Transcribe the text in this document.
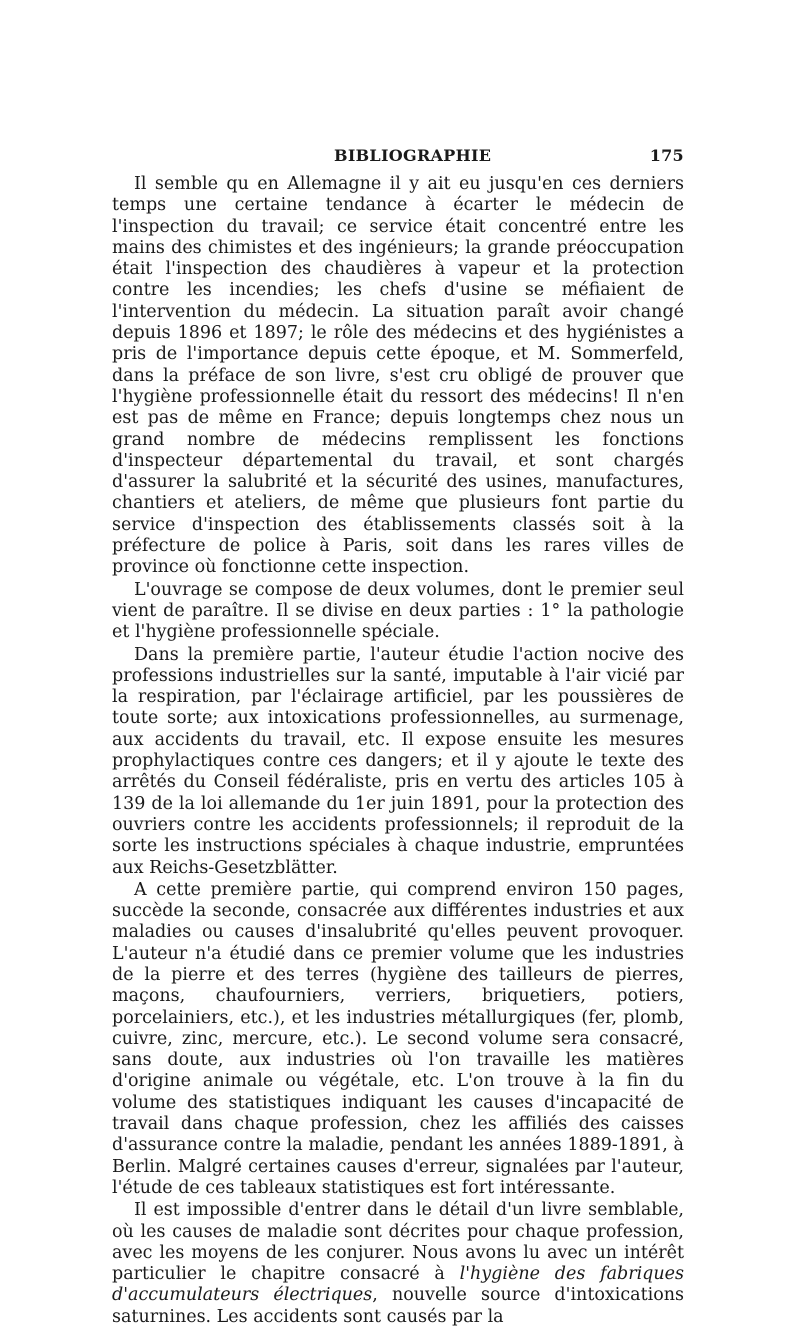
BIBLIOGRAPHIE	175

Il semble qu en Allemagne il y ait eu jusqu'en ces derniers temps une certaine tendance à écarter le médecin de l'inspection du travail; ce service était concentré entre les mains des chimistes et des ingénieurs; la grande préoccupation était l'inspection des chaudières à vapeur et la protection contre les incendies; les chefs d'usine se méfiaient de l'intervention du médecin. La situation paraît avoir changé depuis 1896 et 1897; le rôle des médecins et des hygiénistes a pris de l'importance depuis cette époque, et M. Sommerfeld, dans la préface de son livre, s'est cru obligé de prouver que l'hygiène professionnelle était du ressort des médecins! Il n'en est pas de même en France; depuis longtemps chez nous un grand nombre de médecins remplissent les fonctions d'inspecteur départemental du travail, et sont chargés d'assurer la salubrité et la sécurité des usines, manufactures, chantiers et ateliers, de même que plusieurs font partie du service d'inspection des établissements classés soit à la préfecture de police à Paris, soit dans les rares villes de province où fonctionne cette inspection.

L'ouvrage se compose de deux volumes, dont le premier seul vient de paraître. Il se divise en deux parties : 1° la pathologie et l'hygiène professionnelle spéciale.

Dans la première partie, l'auteur étudie l'action nocive des professions industrielles sur la santé, imputable à l'air vicié par la respiration, par l'éclairage artificiel, par les poussières de toute sorte; aux intoxications professionnelles, au surmenage, aux accidents du travail, etc. Il expose ensuite les mesures prophylactiques contre ces dangers; et il y ajoute le texte des arrêtés du Conseil fédéraliste, pris en vertu des articles 105 à 139 de la loi allemande du 1er juin 1891, pour la protection des ouvriers contre les accidents professionnels; il reproduit de la sorte les instructions spéciales à chaque industrie, empruntées aux Reichs-Gesetzblätter.

A cette première partie, qui comprend environ 150 pages, succède la seconde, consacrée aux différentes industries et aux maladies ou causes d'insalubrité qu'elles peuvent provoquer. L'auteur n'a étudié dans ce premier volume que les industries de la pierre et des terres (hygiène des tailleurs de pierres, maçons, chaufourniers, verriers, briquetiers, potiers, porcelainiers, etc.), et les industries métallurgiques (fer, plomb, cuivre, zinc, mercure, etc.). Le second volume sera consacré, sans doute, aux industries où l'on travaille les matières d'origine animale ou végétale, etc. L'on trouve à la fin du volume des statistiques indiquant les causes d'incapacité de travail dans chaque profession, chez les affiliés des caisses d'assurance contre la maladie, pendant les années 1889-1891, à Berlin. Malgré certaines causes d'erreur, signalées par l'auteur, l'étude de ces tableaux statistiques est fort intéressante.

Il est impossible d'entrer dans le détail d'un livre semblable, où les causes de maladie sont décrites pour chaque profession, avec les moyens de les conjurer. Nous avons lu avec un intérêt particulier le chapitre consacré à l'hygiène des fabriques d'accumulateurs électriques, nouvelle source d'intoxications saturnines. Les accidents sont causés par la
